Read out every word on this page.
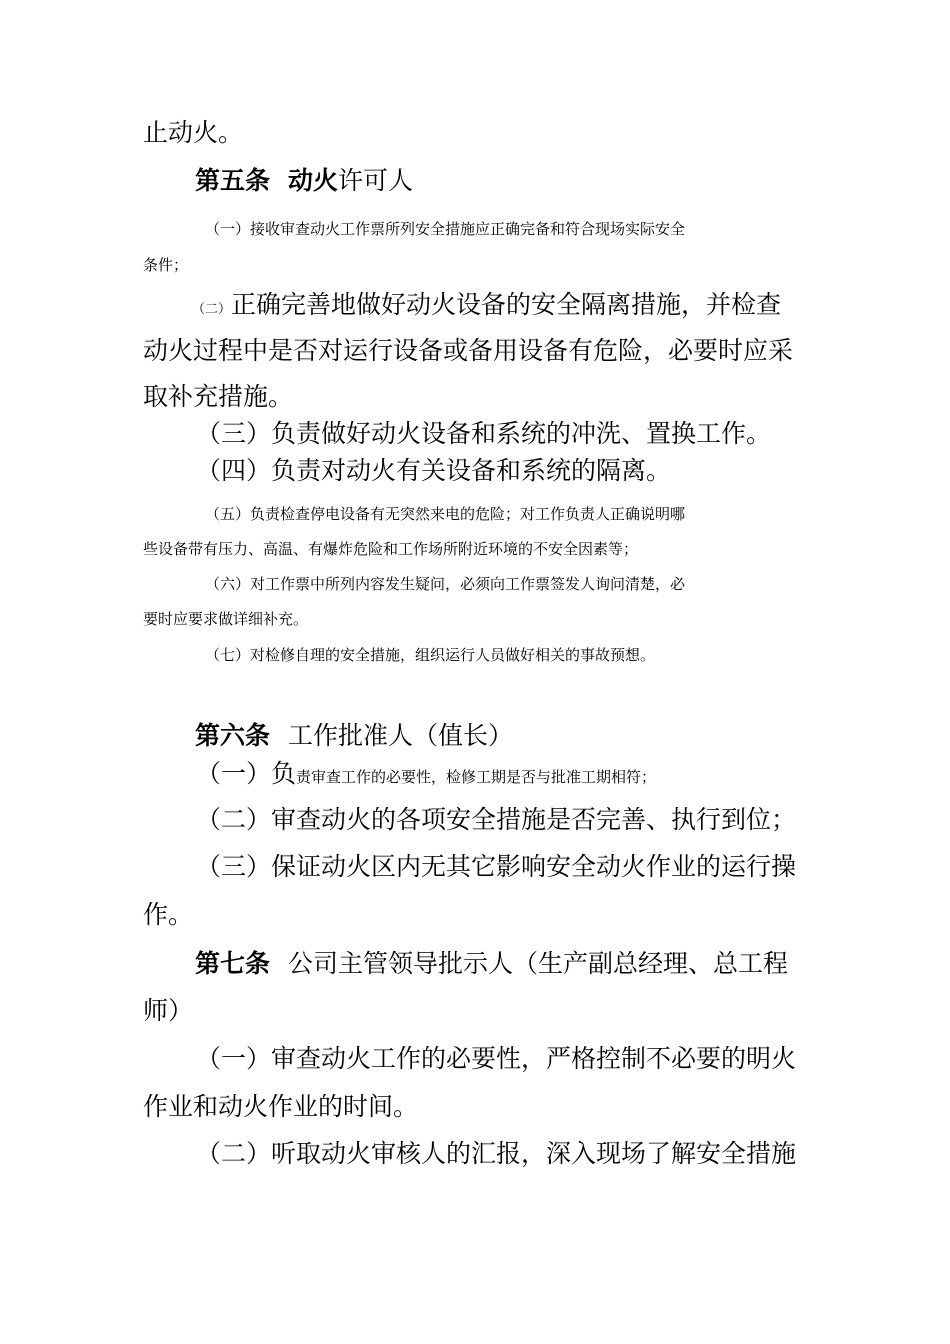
止动火。
第五条 动火许可人
（一）接收审查动火工作票所列安全措施应正确完备和符合现场实际安全
条件；
（二）正确完善地做好动火设备的安全隔离措施，并检查
动火过程中是否对运行设备或备用设备有危险，必要时应采
取补充措施。
（三）负责做好动火设备和系统的冲洗、置换工作。
（四）负责对动火有关设备和系统的隔离。
（五）负责检查停电设备有无突然来电的危险；对工作负责人正确说明哪
些设备带有压力、高温、有爆炸危险和工作场所附近环境的不安全因素等；
（六）对工作票中所列内容发生疑问，必须向工作票签发人询问清楚，必
要时应要求做详细补充。
（七）对检修自理的安全措施，组织运行人员做好相关的事故预想。
第六条 工作批准人（值长）
（一）负责审查工作的必要性，检修工期是否与批准工期相符；
（二）审查动火的各项安全措施是否完善、执行到位；
（三）保证动火区内无其它影响安全动火作业的运行操
作。
第七条 公司主管领导批示人（生产副总经理、总工程
师）
（一）审查动火工作的必要性，严格控制不必要的明火
作业和动火作业的时间。
（二）听取动火审核人的汇报，深入现场了解安全措施
